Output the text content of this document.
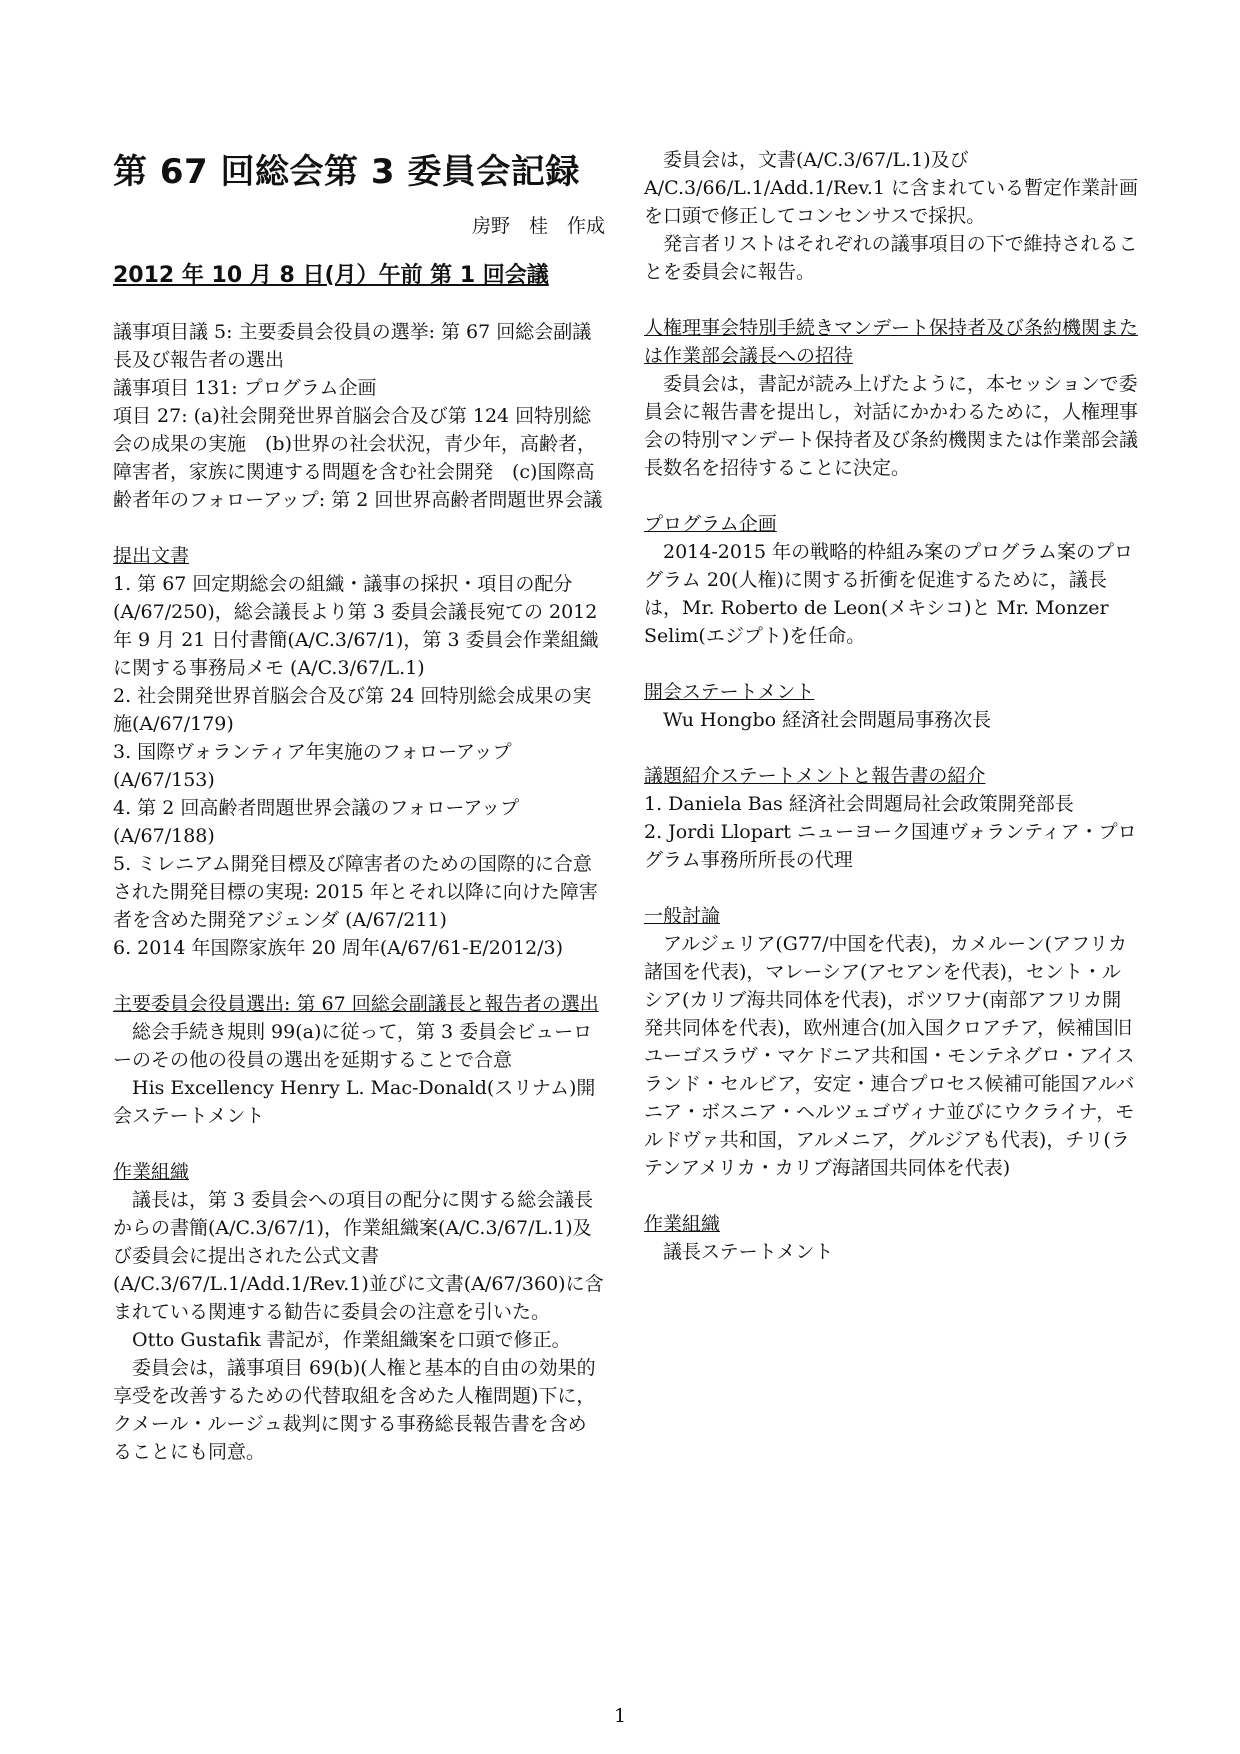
第 67 回総会第 3 委員会記録
房野　桂　作成
2012 年 10 月 8 日(月）午前 第 1 回会議
議事項目議 5: 主要委員会役員の選挙: 第 67 回総会副議長及び報告者の選出
議事項目 131: プログラム企画
項目 27: (a)社会開発世界首脳会合及び第 124 回特別総会の成果の実施　(b)世界の社会状況，青少年，高齢者，障害者，家族に関連する問題を含む社会開発　(c)国際高齢者年のフォローアップ: 第 2 回世界高齢者問題世界会議
提出文書
1. 第 67 回定期総会の組織・議事の採択・項目の配分(A/67/250)，総会議長より第 3 委員会議長宛ての 2012 年 9 月 21 日付書簡(A/C.3/67/1)，第 3 委員会作業組織に関する事務局メモ (A/C.3/67/L.1)
2. 社会開発世界首脳会合及び第 24 回特別総会成果の実施(A/67/179)
3. 国際ヴォランティア年実施のフォローアップ (A/67/153)
4. 第 2 回高齢者問題世界会議のフォローアップ (A/67/188)
5. ミレニアム開発目標及び障害者のための国際的に合意された開発目標の実現: 2015 年とそれ以降に向けた障害者を含めた開発アジェンダ (A/67/211)
6. 2014 年国際家族年 20 周年(A/67/61-E/2012/3)
主要委員会役員選出: 第 67 回総会副議長と報告者の選出
総会手続き規則 99(a)に従って，第 3 委員会ビューローのその他の役員の選出を延期することで合意
His Excellency Henry L. Mac-Donald(スリナム)開会ステートメント
作業組織
議長は，第 3 委員会への項目の配分に関する総会議長からの書簡(A/C.3/67/1)，作業組織案(A/C.3/67/L.1)及び委員会に提出された公式文書(A/C.3/67/L.1/Add.1/Rev.1)並びに文書(A/67/360)に含まれている関連する勧告に委員会の注意を引いた。
Otto Gustafik 書記が，作業組織案を口頭で修正。
委員会は，議事項目 69(b)(人権と基本的自由の効果的享受を改善するための代替取組を含めた人権問題)下に，クメール・ルージュ裁判に関する事務総長報告書を含めることにも同意。
委員会は，文書(A/C.3/67/L.1)及び A/C.3/66/L.1/Add.1/Rev.1 に含まれている暫定作業計画を口頭で修正してコンセンサスで採択。
発言者リストはそれぞれの議事項目の下で維持されることを委員会に報告。
人権理事会特別手続きマンデート保持者及び条約機関または作業部会議長への招待
委員会は，書記が読み上げたように，本セッションで委員会に報告書を提出し，対話にかかわるために，人権理事会の特別マンデート保持者及び条約機関または作業部会議長数名を招待することに決定。
プログラム企画
2014-2015 年の戦略的枠組み案のプログラム案のプログラム 20(人権)に関する折衝を促進するために，議長は，Mr. Roberto de Leon(メキシコ)と Mr. Monzer Selim(エジプト)を任命。
開会ステートメント
Wu Hongbo 経済社会問題局事務次長
議題紹介ステートメントと報告書の紹介
1. Daniela Bas 経済社会問題局社会政策開発部長
2. Jordi Llopart ニューヨーク国連ヴォランティア・プログラム事務所所長の代理
一般討論
アルジェリア(G77/中国を代表)，カメルーン(アフリカ諸国を代表)，マレーシア(アセアンを代表)，セント・ルシア(カリブ海共同体を代表)，ボツワナ(南部アフリカ開発共同体を代表)，欧州連合(加入国クロアチア，候補国旧ユーゴスラヴ・マケドニア共和国・モンテネグロ・アイスランド・セルビア，安定・連合プロセス候補可能国アルバニア・ボスニア・ヘルツェゴヴィナ並びにウクライナ，モルドヴァ共和国，アルメニア，グルジアも代表)，チリ(ラテンアメリカ・カリブ海諸国共同体を代表)
作業組織
議長ステートメント
1
